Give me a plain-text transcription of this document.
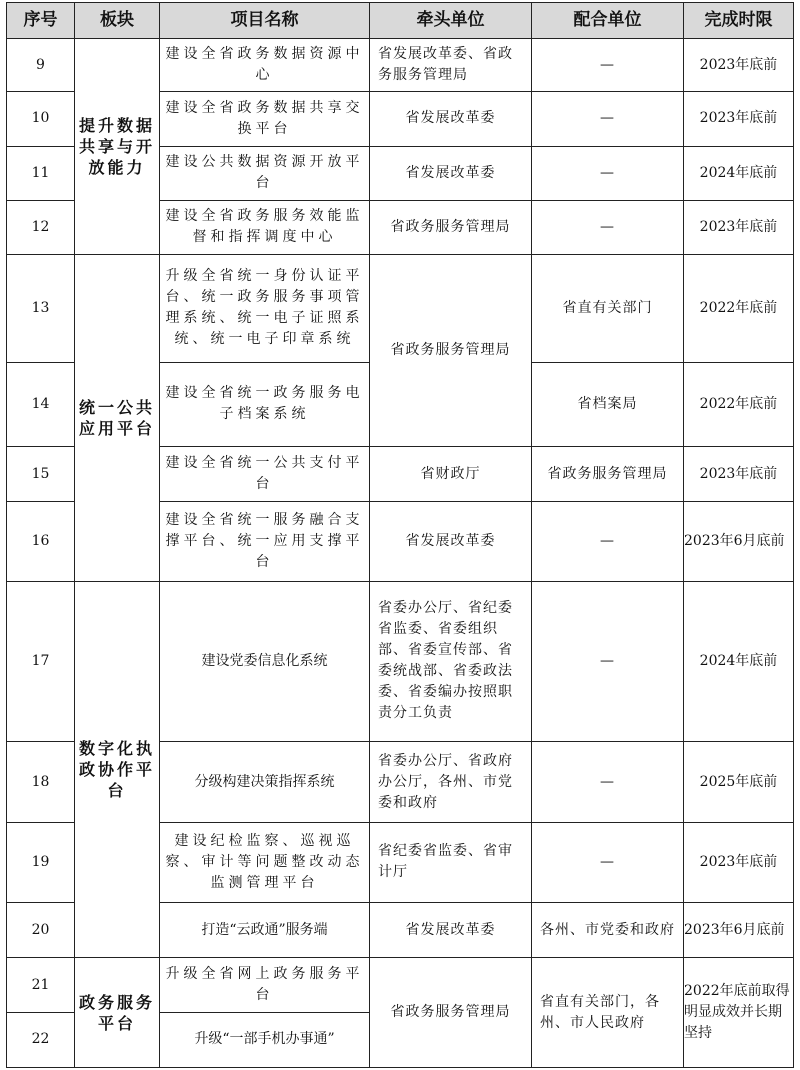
序号	板块	项目名称	牵头单位	配合单位	完成时限
9	提升数据共享与开放能力	建设全省政务数据资源中心	省发展改革委、省政务服务管理局	—	2023年底前
10		建设全省政务数据共享交换平台	省发展改革委	—	2023年底前
11		建设公共数据资源开放平台	省发展改革委	—	2024年底前
12		建设全省政务服务效能监督和指挥调度中心	省政务服务管理局	—	2023年底前
13	统一公共应用平台	升级全省统一身份认证平台、统一政务服务事项管理系统、统一电子证照系统、统一电子印章系统	省政务服务管理局	省直有关部门	2022年底前
14		建设全省统一政务服务电子档案系统		省档案局	2022年底前
15		建设全省统一公共支付平台	省财政厅	省政务服务管理局	2023年底前
16		建设全省统一服务融合支撑平台、统一应用支撑平台	省发展改革委	—	2023年6月底前
17	数字化执政协作平台	建设党委信息化系统	省委办公厅、省纪委省监委、省委组织部、省委宣传部、省委统战部、省委政法委、省委编办按照职责分工负责	—	2024年底前
18		分级构建决策指挥系统	省委办公厅、省政府办公厅，各州、市党委和政府	—	2025年底前
19		建设纪检监察、巡视巡察、审计等问题整改动态监测管理平台	省纪委省监委、省审计厅	—	2023年底前
20		打造“云政通”服务端	省发展改革委	各州、市党委和政府	2023年6月底前
21	政务服务平台	升级全省网上政务服务平台	省政务服务管理局	省直有关部门，各州、市人民政府	2022年底前取得明显成效并长期坚持
22		升级“一部手机办事通”			
